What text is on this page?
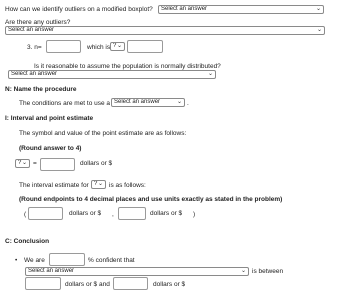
How can we identify outliers on a modified boxplot?	Select an answer	⌄
Are there any outliers?
Select an answer	⌄
3. n=	which is ? ⌄
Is it reasonable to assume the population is normally distributed?
Select an answer	⌄
N: Name the procedure
The conditions are met to use a Select an answer	⌄ .
I: Interval and point estimate
The symbol and value of the point estimate are as follows:
(Round answer to 4)
? ⌄ =	dollars or $
The interval estimate for ? ⌄ is as follows:
(Round endpoints to 4 decimal places and use units exactly as stated in the problem)
(	dollars or $ ,	dollars or $ )
C: Conclusion
• We are	% confident that
Select an answer	⌄ is between
dollars or $ and	dollars or $
